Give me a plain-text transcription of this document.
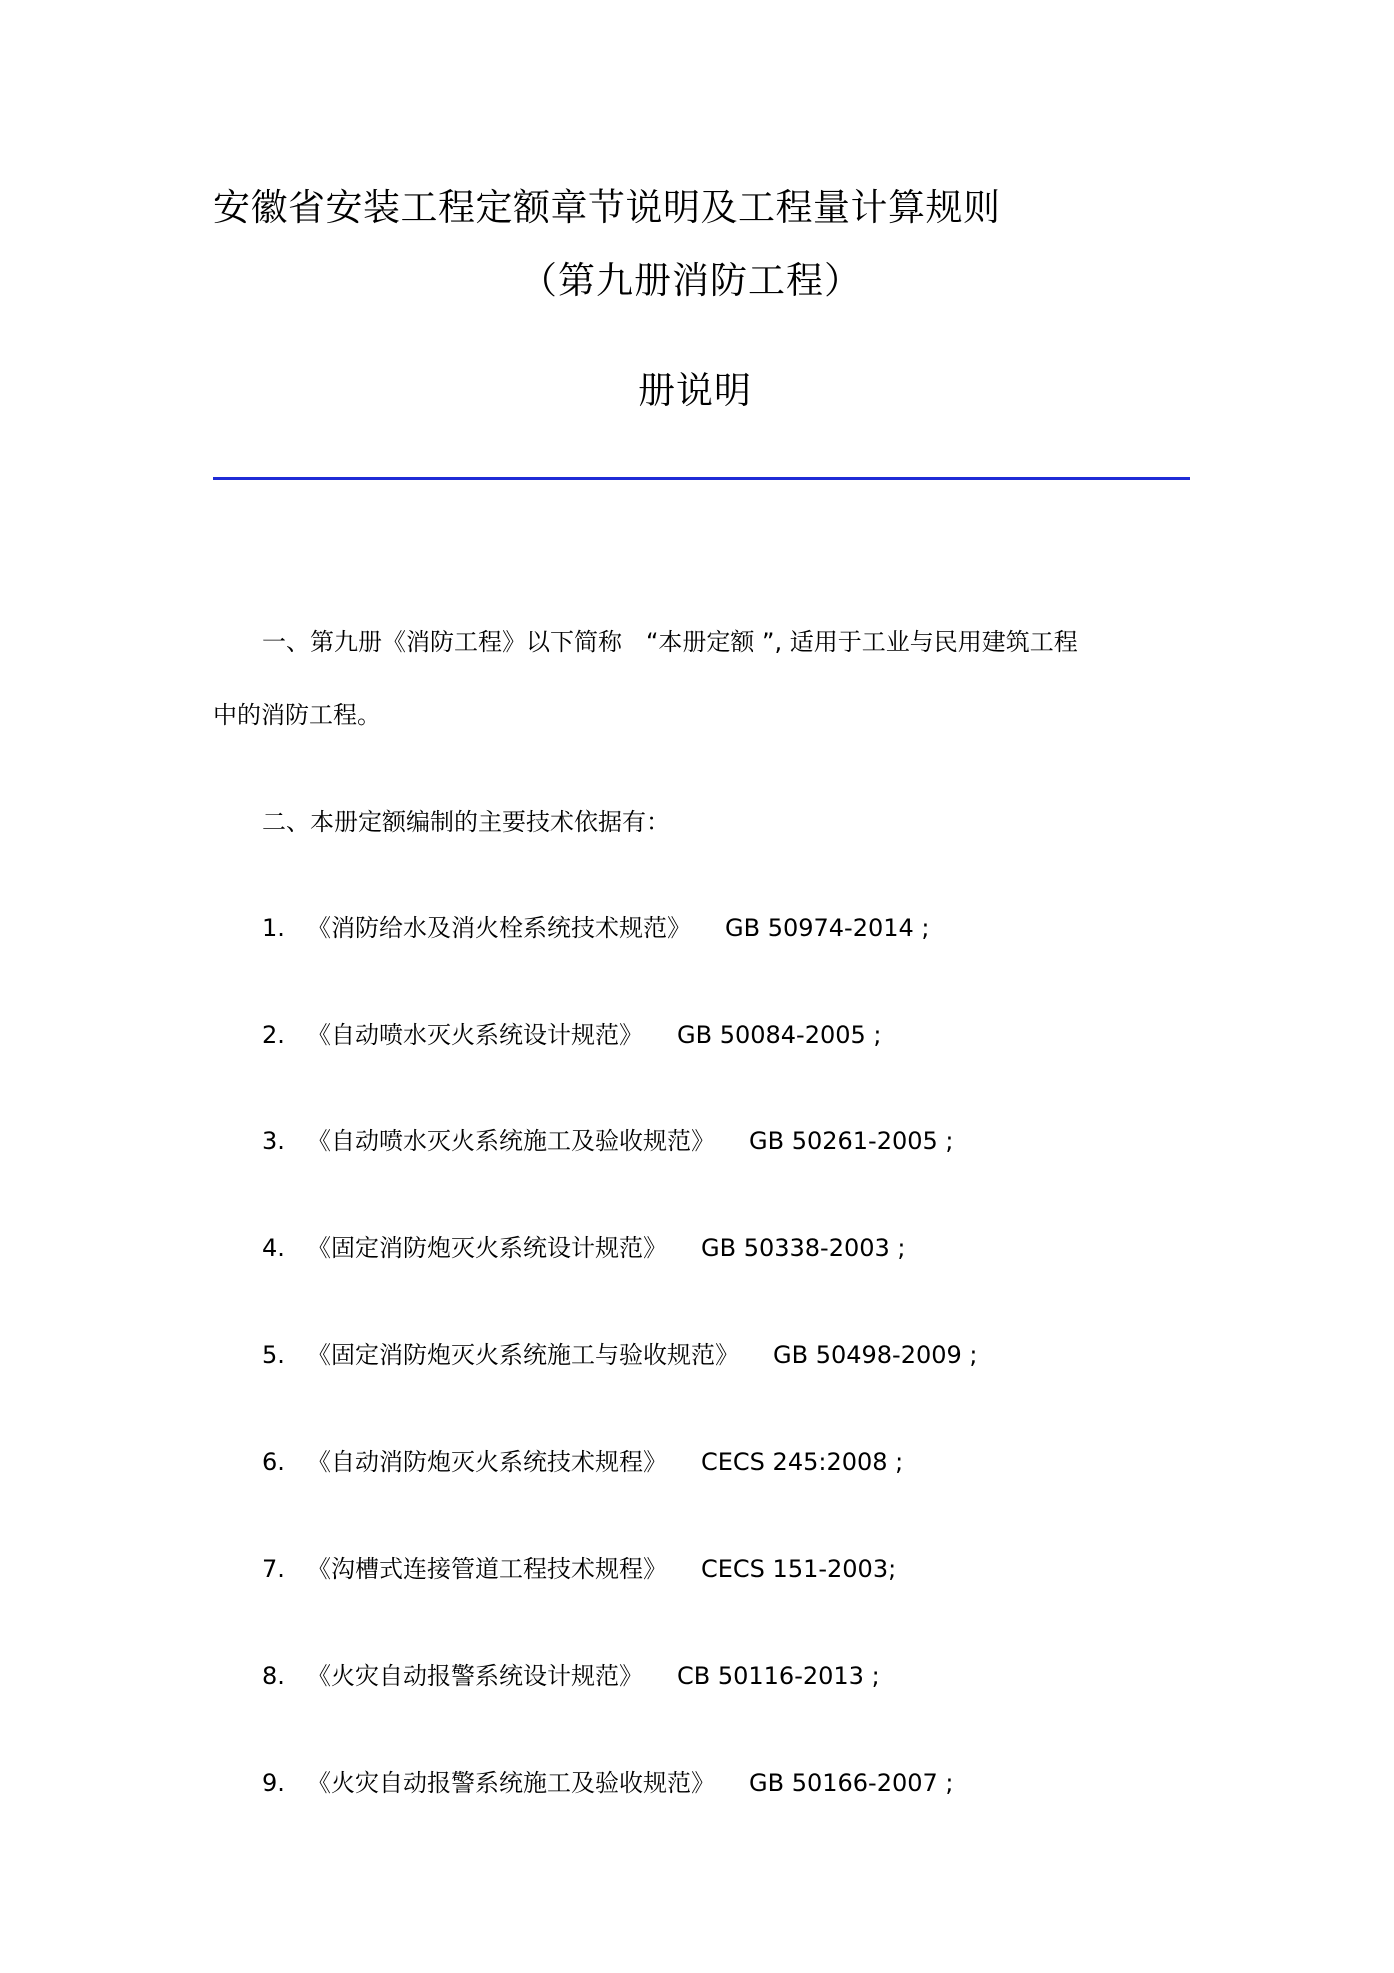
安徽省安装工程定额章节说明及工程量计算规则
（第九册消防工程）
册说明
一、第九册《消防工程》以下简称　“本册定额 ”, 适用于工业与民用建筑工程
中的消防工程。
二、本册定额编制的主要技术依据有：
1. 《消防给水及消火栓系统技术规范》 GB 50974-2014 ;
2. 《自动喷水灭火系统设计规范》 GB 50084-2005 ;
3. 《自动喷水灭火系统施工及验收规范》 GB 50261-2005 ;
4. 《固定消防炮灭火系统设计规范》 GB 50338-2003 ;
5. 《固定消防炮灭火系统施工与验收规范》 GB 50498-2009 ;
6. 《自动消防炮灭火系统技术规程》 CECS 245:2008 ;
7. 《沟槽式连接管道工程技术规程》 CECS 151-2003;
8. 《火灾自动报警系统设计规范》 CB 50116-2013 ;
9. 《火灾自动报警系统施工及验收规范》 GB 50166-2007 ;
